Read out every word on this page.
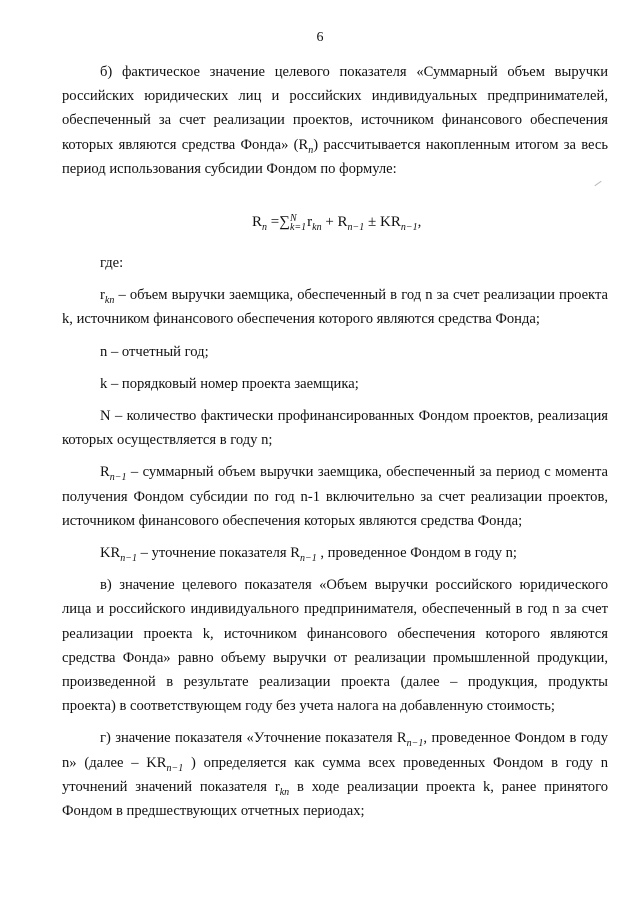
6

б) фактическое значение целевого показателя «Суммарный объем выручки российских юридических лиц и российских индивидуальных предпринимателей, обеспеченный за счет реализации проектов, источником финансового обеспечения которых являются средства Фонда» $(R_n)$ рассчитывается накопленным итогом за весь период использования субсидии Фондом по формуле:

$R_n =\sum N$
$k=1r_{kn} + R_{n-1} \pm KR_{n-1}$,

где:

$r_{kn}$ – объем выручки заемщика, обеспеченный в год n за счет реализации проекта k, источником финансового обеспечения которого являются средства Фонда;

n – отчетный год;

k – порядковый номер проекта заемщика;

N – количество фактически профинансированных Фондом проектов, реализация которых осуществляется в году n;

$R_{n-1}$ – суммарный объем выручки заемщика, обеспеченный за период с момента получения Фондом субсидии по год n-1 включительно за счет реализации проектов, источником финансового обеспечения которых являются средства Фонда;

$KR_{n-1}$ – уточнение показателя $R_{n-1}$ , проведенное Фондом в году n;

в) значение целевого показателя «Объем выручки российского юридического лица и российского индивидуального предпринимателя, обеспеченный в год n за счет реализации проекта k, источником финансового обеспечения которого являются средства Фонда» равно объему выручки от реализации промышленной продукции, произведенной в результате реализации проекта (далее – продукция, продукты проекта) в соответствующем году без учета налога на добавленную стоимость;

г) значение показателя «Уточнение показателя $R_{n-1}$, проведенное Фондом в году n» (далее – $KR_{n-1}$ ) определяется как сумма всех проведенных Фондом в году n уточнений значений показателя $r_{kn}$ в ходе реализации проекта k, ранее принятого Фондом в предшествующих отчетных периодах;
